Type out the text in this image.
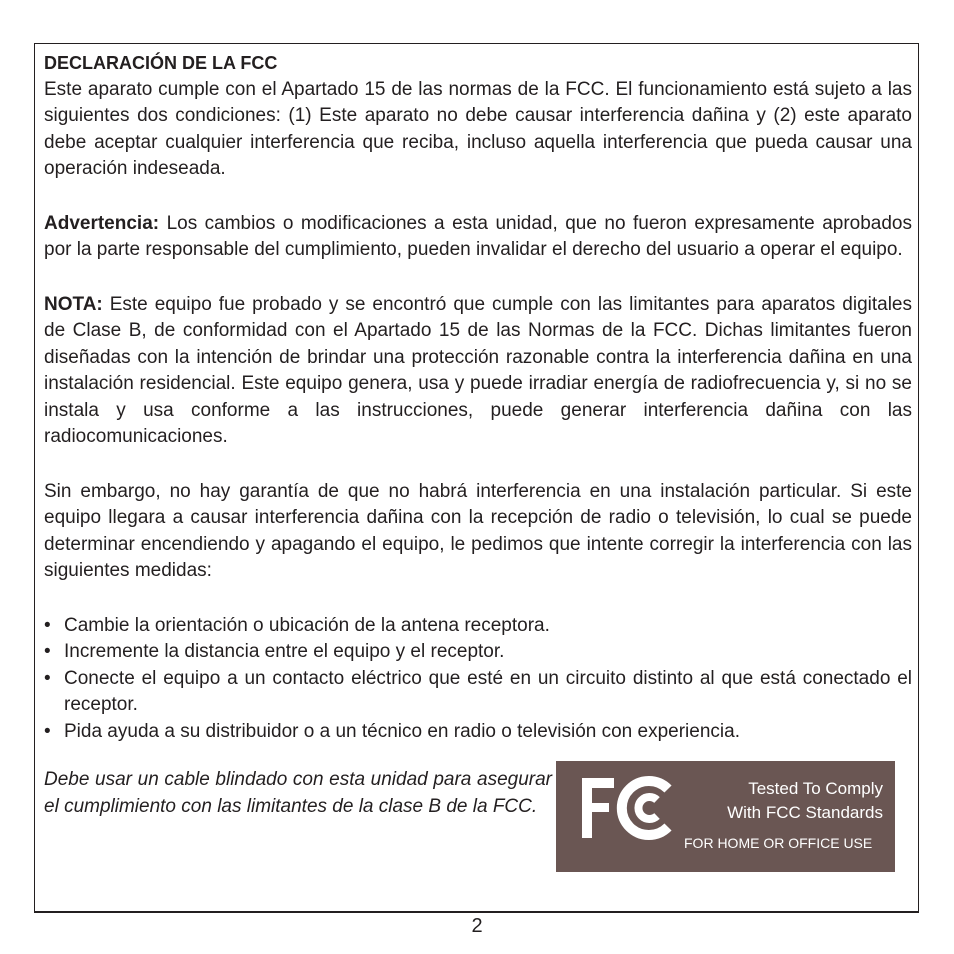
DECLARACIÓN DE LA FCC

Este aparato cumple con el Apartado 15 de las normas de la FCC. El funcionamiento está sujeto a las siguientes dos condiciones: (1) Este aparato no debe causar interferencia dañina y (2) este aparato debe aceptar cualquier interferencia que reciba, incluso aquella interferencia que pueda causar una operación indeseada.

Advertencia: Los cambios o modificaciones a esta unidad, que no fueron expresamente aprobados por la parte responsable del cumplimiento, pueden invalidar el derecho del usuario a operar el equipo.

NOTA: Este equipo fue probado y se encontró que cumple con las limitantes para aparatos digitales de Clase B, de conformidad con el Apartado 15 de las Normas de la FCC. Dichas limitantes fueron diseñadas con la intención de brindar una protección razonable contra la interferencia dañina en una instalación residencial. Este equipo genera, usa y puede irradiar energía de radiofrecuencia y, si no se instala y usa conforme a las instrucciones, puede generar interferencia dañina con las radiocomunicaciones.

Sin embargo, no hay garantía de que no habrá interferencia en una instalación particular. Si este equipo llegara a causar interferencia dañina con la recepción de radio o televisión, lo cual se puede determinar encendiendo y apagando el equipo, le pedimos que intente corregir la interferencia con las siguientes medidas:

• Cambie la orientación o ubicación de la antena receptora.
• Incremente la distancia entre el equipo y el receptor.
• Conecte el equipo a un contacto eléctrico que esté en un circuito distinto al que está conectado el receptor.
• Pida ayuda a su distribuidor o a un técnico en radio o televisión con experiencia.

Debe usar un cable blindado con esta unidad para asegurar el cumplimiento con las limitantes de la clase B de la FCC.

Tested To Comply
With FCC Standards
FOR HOME OR OFFICE USE
2
